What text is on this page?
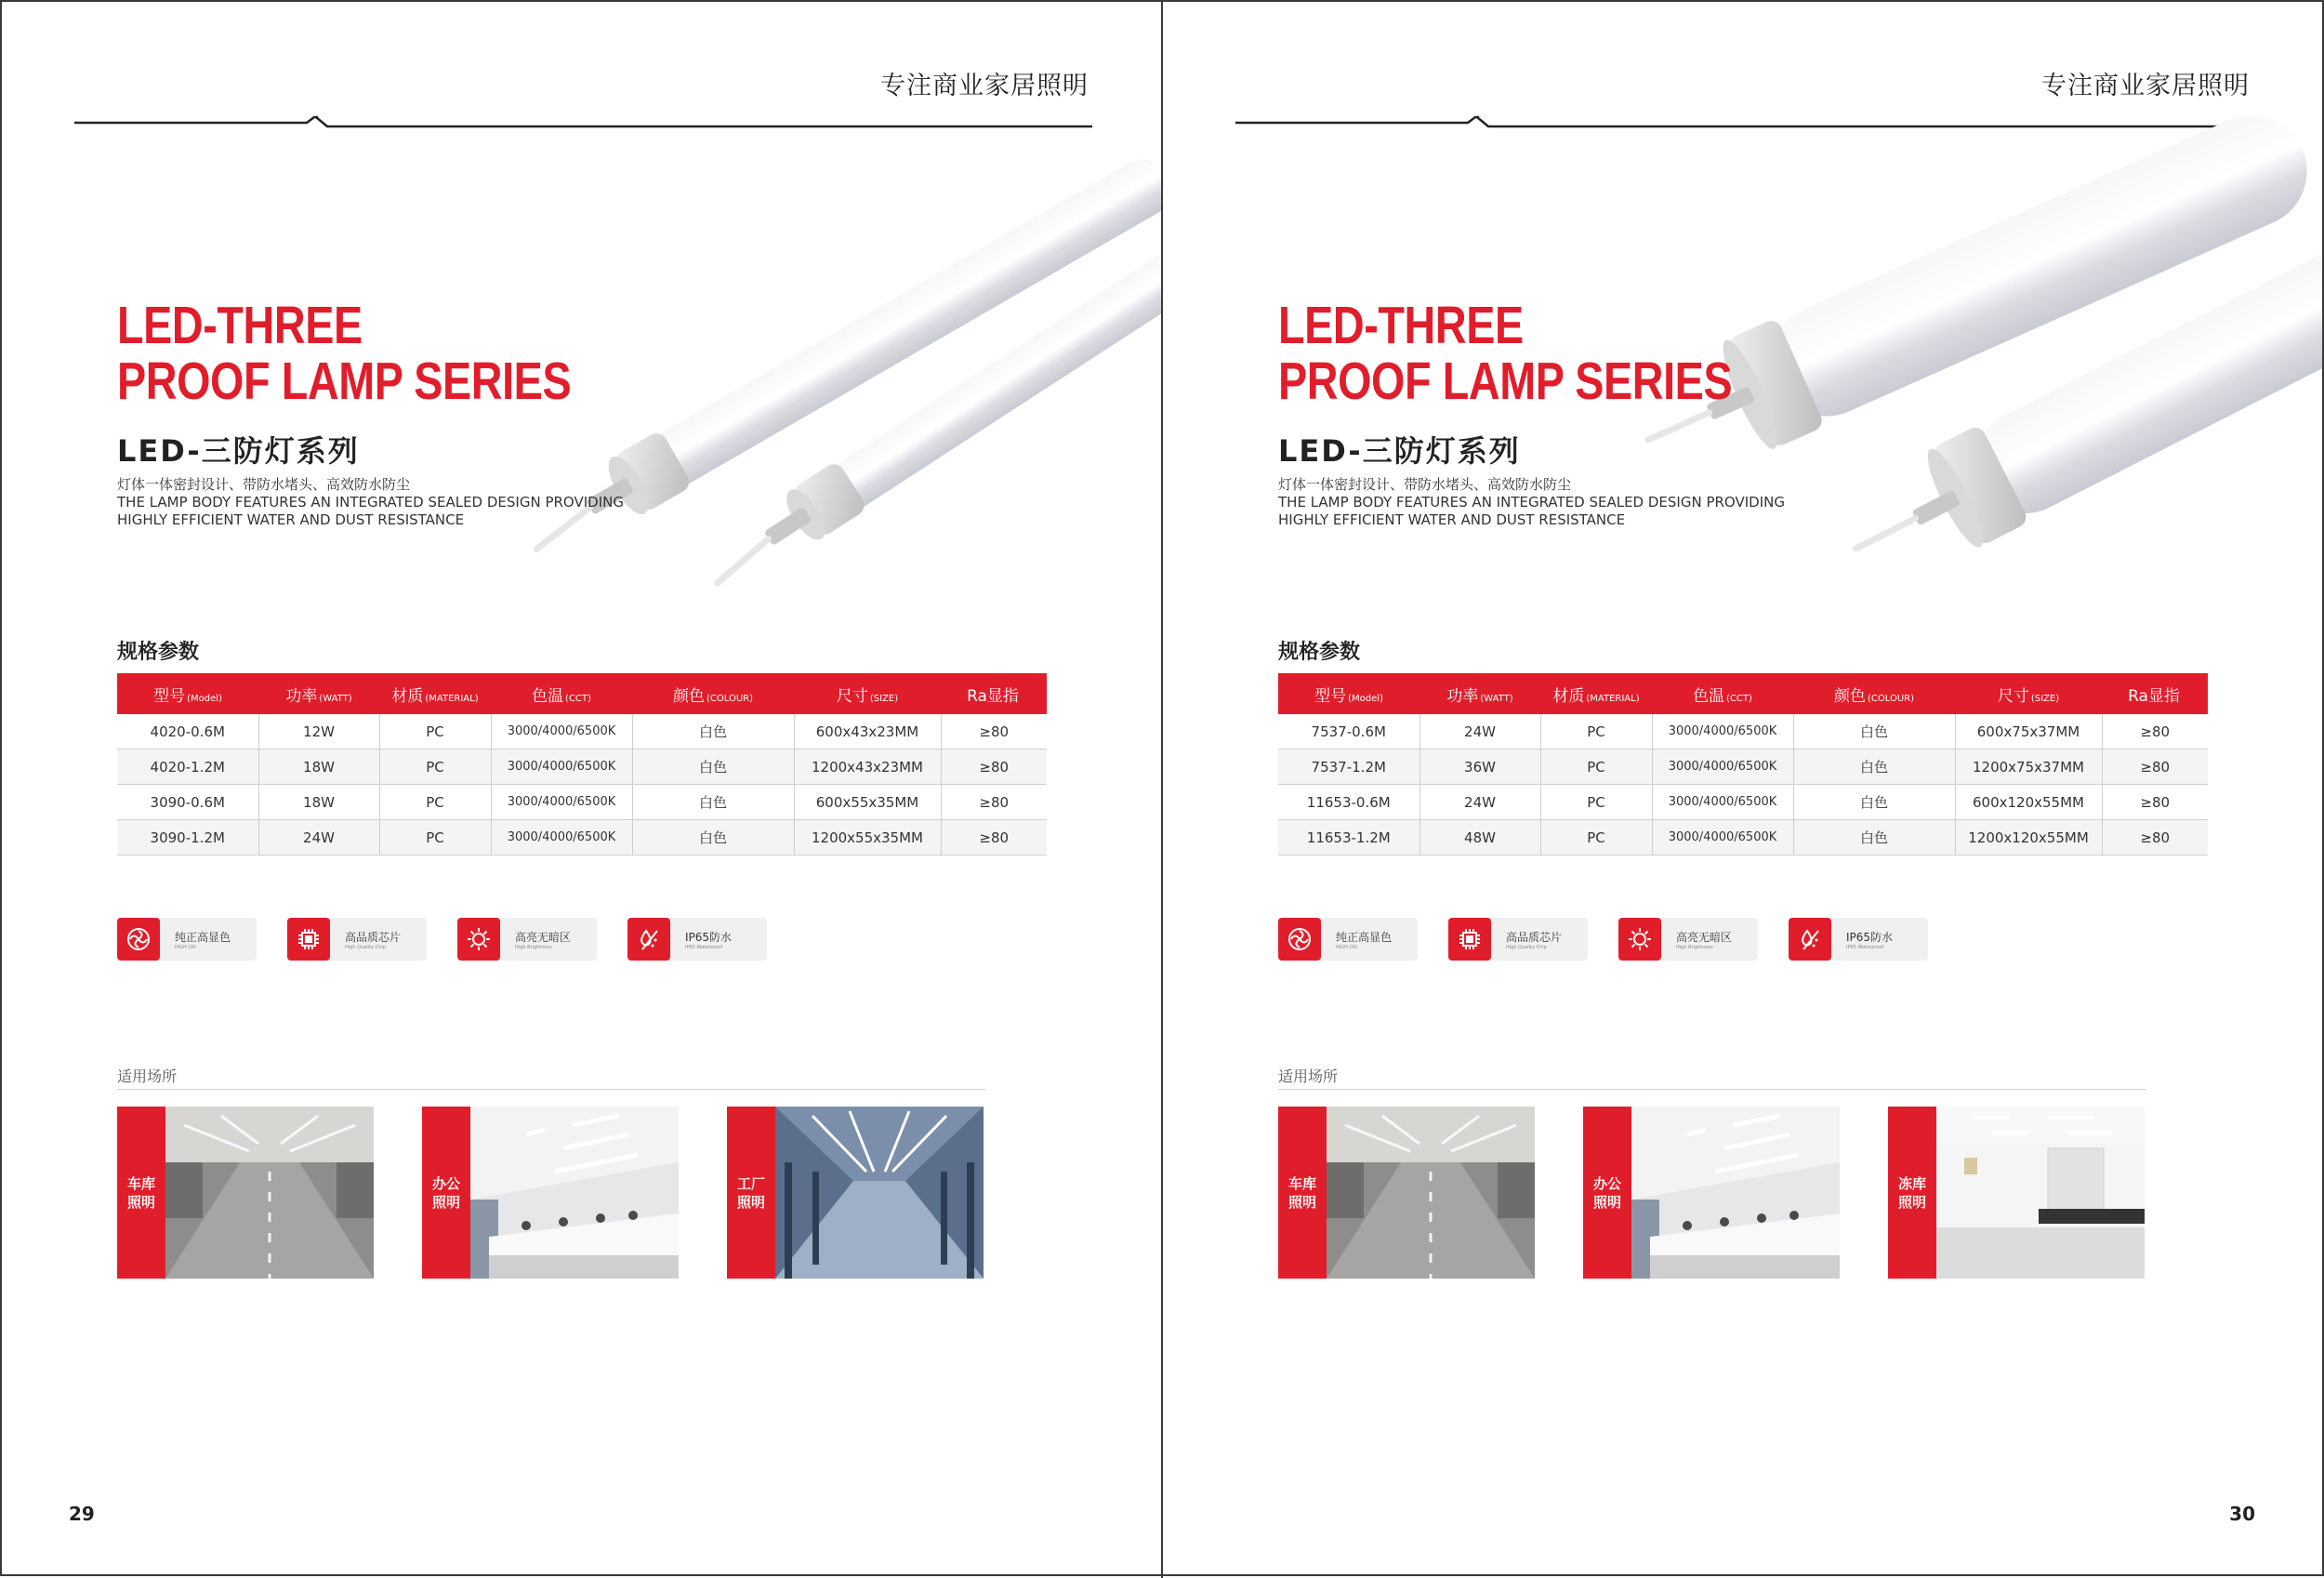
专注商业家居照明
LED-THREE
PROOF LAMP SERIES
LED-三防灯系列
灯体一体密封设计、带防水堵头、高效防水防尘
THE LAMP BODY FEATURES AN INTEGRATED SEALED DESIGN PROVIDING
HIGHLY EFFICIENT WATER AND DUST RESISTANCE
规格参数
型号 (Model)	功率 (WATT)	材质 (MATERIAL)	色温 (CCT)	颜色 (COLOUR)	尺寸 (SIZE)	Ra显指
4020-0.6M	12W	PC	3000/4000/6500K	白色	600x43x23MM	≥80
4020-1.2M	18W	PC	3000/4000/6500K	白色	1200x43x23MM	≥80
3090-0.6M	18W	PC	3000/4000/6500K	白色	600x55x35MM	≥80
3090-1.2M	24W	PC	3000/4000/6500K	白色	1200x55x35MM	≥80
纯正高显色
HIGH CRI
高品质芯片
High Quality Chip
高亮无暗区
High Brightness
IP65防水
IP65 Waterproof
适用场所
车库照明
办公照明
工厂照明
29
专注商业家居照明
LED-THREE
PROOF LAMP SERIES
LED-三防灯系列
灯体一体密封设计、带防水堵头、高效防水防尘
THE LAMP BODY FEATURES AN INTEGRATED SEALED DESIGN PROVIDING
HIGHLY EFFICIENT WATER AND DUST RESISTANCE
规格参数
型号 (Model)	功率 (WATT)	材质 (MATERIAL)	色温 (CCT)	颜色 (COLOUR)	尺寸 (SIZE)	Ra显指
7537-0.6M	24W	PC	3000/4000/6500K	白色	600x75x37MM	≥80
7537-1.2M	36W	PC	3000/4000/6500K	白色	1200x75x37MM	≥80
11653-0.6M	24W	PC	3000/4000/6500K	白色	600x120x55MM	≥80
11653-1.2M	48W	PC	3000/4000/6500K	白色	1200x120x55MM	≥80
纯正高显色
HIGH CRI
高品质芯片
High Quality Chip
高亮无暗区
High Brightness
IP65防水
IP65 Waterproof
适用场所
车库照明
办公照明
冻库照明
30
